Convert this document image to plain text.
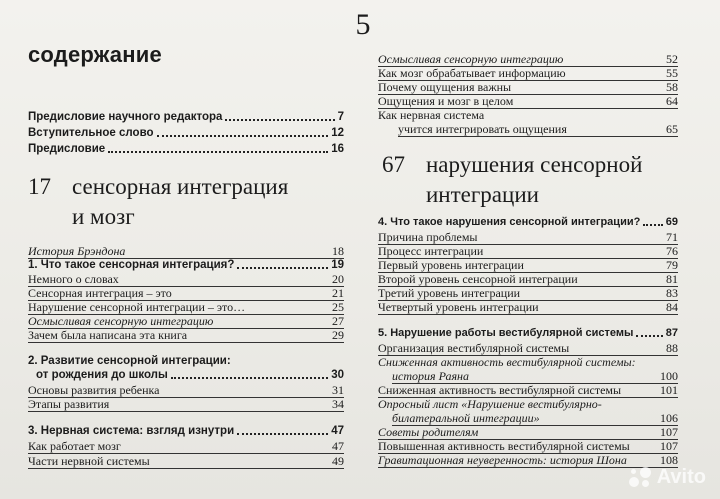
5
содержание
Предисловие научного редактора	7
Вступительное слово	12
Предисловие	16
17 сенсорная интеграция
и мозг
История Брэндона	18
1. Что такое сенсорная интеграция?	19
Немного о словах	20
Сенсорная интеграция – это	21
Нарушение сенсорной интеграции – это…	25
Осмысливая сенсорную интеграцию	27
Зачем была написана эта книга	29
2. Развитие сенсорной интеграции:
от рождения до школы	30
Основы развития ребенка	31
Этапы развития	34
3. Нервная система: взгляд изнутри	47
Как работает мозг	47
Части нервной системы	49
Осмысливая сенсорную интеграцию	52
Как мозг обрабатывает информацию	55
Почему ощущения важны	58
Ощущения и мозг в целом	64
Как нервная система
учится интегрировать ощущения	65
67 нарушения сенсорной
интеграции
4. Что такое нарушения сенсорной интеграции? 69
Причина проблемы	71
Процесс интеграции	76
Первый уровень интеграции	79
Второй уровень сенсорной интеграции	81
Третий уровень интеграции	83
Четвертый уровень интеграции	84
5. Нарушение работы вестибулярной системы	87
Организация вестибулярной системы	88
Сниженная активность вестибулярной системы:
история Раяна	100
Сниженная активность вестибулярной системы	101
Опросный лист «Нарушение вестибулярно-
билатеральной интеграции»	106
Советы родителям	107
Повышенная активность вестибулярной системы	107
Гравитационная неуверенность: история Шона	108
Avito
